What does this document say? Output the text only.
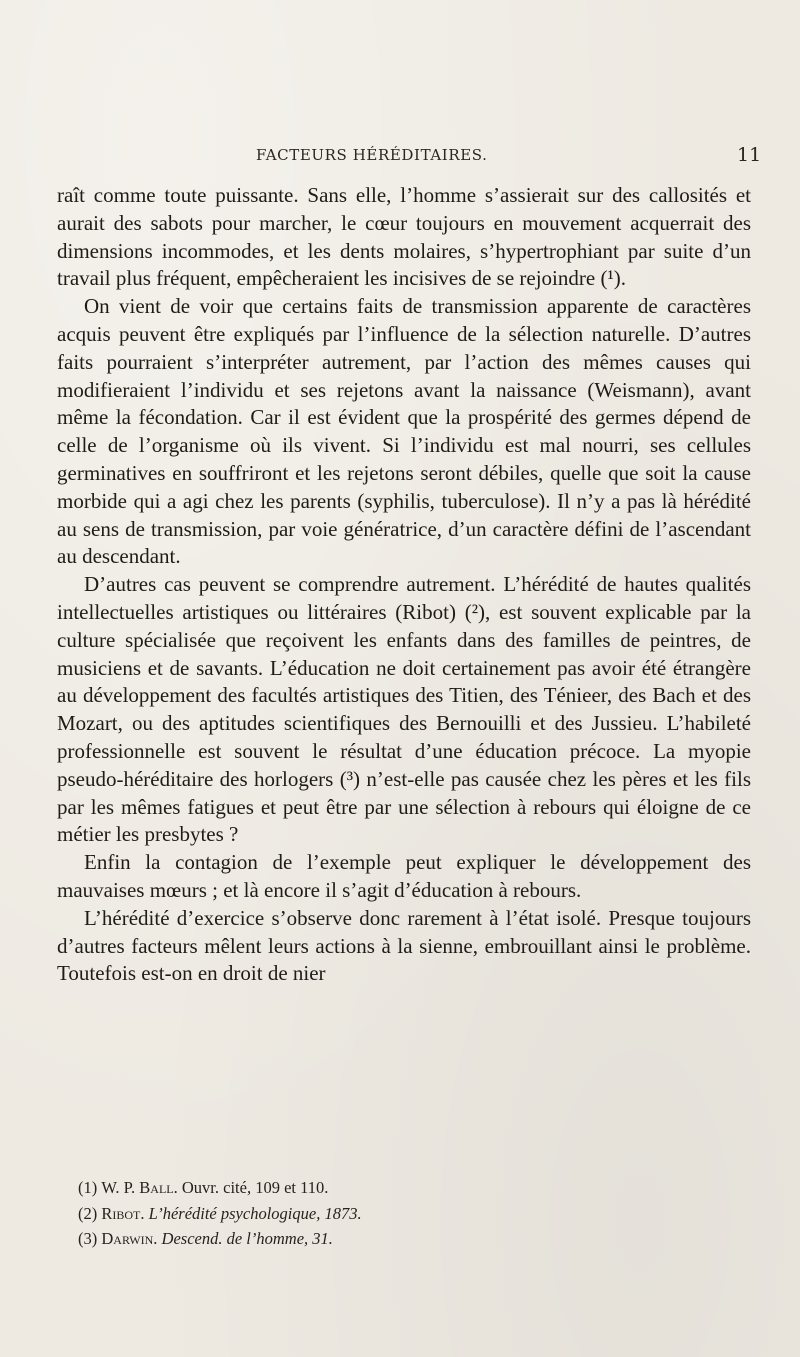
FACTEURS HÉRÉDITAIRES.	11

raît comme toute puissante. Sans elle, l’homme s’assierait sur des callosités et aurait des sabots pour marcher, le cœur toujours en mouvement acquerrait des dimensions incommodes, et les dents molaires, s’hypertrophiant par suite d’un travail plus fréquent, empêcheraient les incisives de se rejoindre (¹).

On vient de voir que certains faits de transmission apparente de caractères acquis peuvent être expliqués par l’influence de la sélection naturelle. D’autres faits pourraient s’interpréter autrement, par l’action des mêmes causes qui modifieraient l’individu et ses rejetons avant la naissance (Weismann), avant même la fécondation. Car il est évident que la prospérité des germes dépend de celle de l’organisme où ils vivent. Si l’individu est mal nourri, ses cellules germinatives en souffriront et les rejetons seront débiles, quelle que soit la cause morbide qui a agi chez les parents (syphilis, tuberculose). Il n’y a pas là hérédité au sens de transmission, par voie génératrice, d’un caractère défini de l’ascendant au descendant.

D’autres cas peuvent se comprendre autrement. L’hérédité de hautes qualités intellectuelles artistiques ou littéraires (Ribot) (²), est souvent explicable par la culture spécialisée que reçoivent les enfants dans des familles de peintres, de musiciens et de savants. L’éducation ne doit certainement pas avoir été étrangère au développement des facultés artistiques des Titien, des Ténieer, des Bach et des Mozart, ou des aptitudes scientifiques des Bernouilli et des Jussieu. L’habileté professionnelle est souvent le résultat d’une éducation précoce. La myopie pseudo-héréditaire des horlogers (³) n’est-elle pas causée chez les pères et les fils par les mêmes fatigues et peut être par une sélection à rebours qui éloigne de ce métier les presbytes ?

Enfin la contagion de l’exemple peut expliquer le développement des mauvaises mœurs ; et là encore il s’agit d’éducation à rebours.

L’hérédité d’exercice s’observe donc rarement à l’état isolé. Presque toujours d’autres facteurs mêlent leurs actions à la sienne, embrouillant ainsi le problème. Toutefois est-on en droit de nier

(1) W. P. Ball. Ouvr. cité, 109 et 110.
(2) Ribot. L’hérédité psychologique, 1873.
(3) Darwin. Descend. de l’homme, 31.
